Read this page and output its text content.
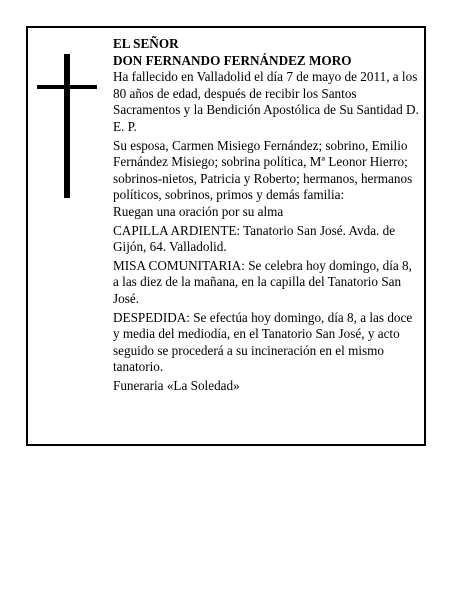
EL SEÑOR

DON FERNANDO FERNÁNDEZ MORO

Ha fallecido en Valladolid el día 7 de mayo de 2011, a los 80 años de edad, después de recibir los Santos Sacramentos y la Bendición Apostólica de Su Santidad D. E. P.

Su esposa, Carmen Misiego Fernández; sobrino, Emilio Fernández Misiego; sobrina política, Mª Leonor Hierro; sobrinos-nietos, Patricia y Roberto; hermanos, hermanos políticos, sobrinos, primos y demás familia:

Ruegan una oración por su alma

CAPILLA ARDIENTE: Tanatorio San José. Avda. de Gijón, 64. Valladolid.

MISA COMUNITARIA: Se celebra hoy domingo, día 8, a las diez de la mañana, en la capilla del Tanatorio San José.

DESPEDIDA: Se efectúa hoy domingo, día 8, a las doce y media del mediodía, en el Tanatorio San José, y acto seguido se procederá a su incineración en el mismo tanatorio.

Funeraria «La Soledad»
